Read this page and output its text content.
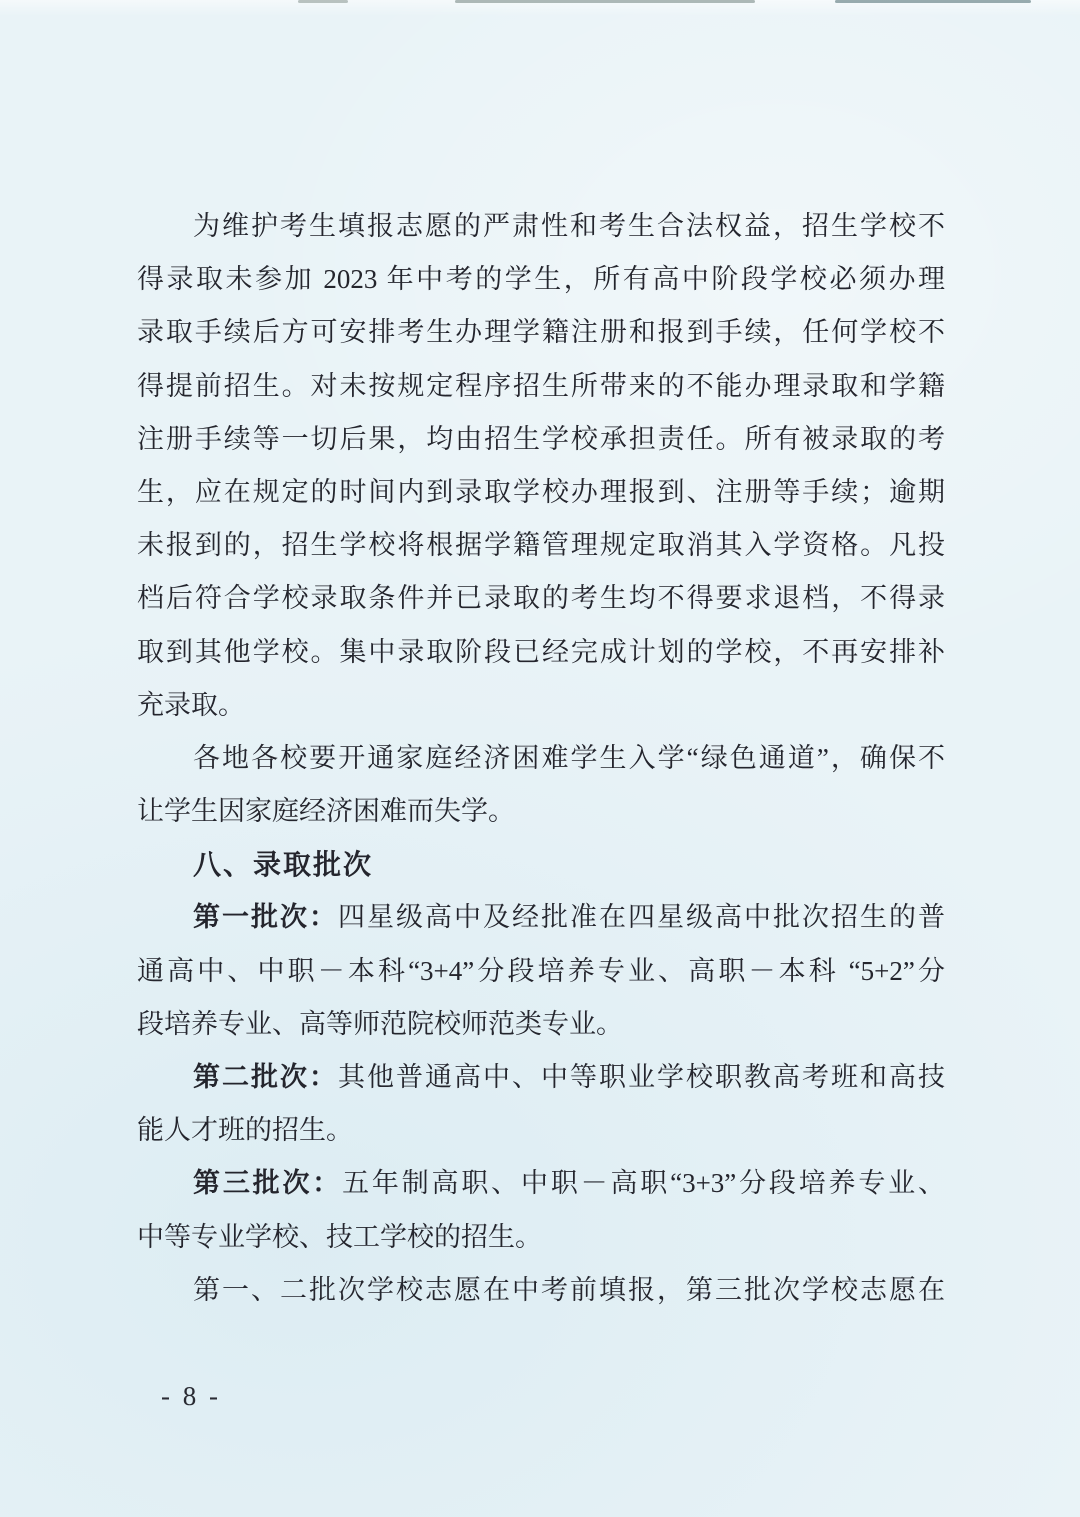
为维护考生填报志愿的严肃性和考生合法权益，招生学校不
得录取未参加 2023 年中考的学生，所有高中阶段学校必须办理
录取手续后方可安排考生办理学籍注册和报到手续，任何学校不
得提前招生。对未按规定程序招生所带来的不能办理录取和学籍
注册手续等一切后果，均由招生学校承担责任。所有被录取的考
生，应在规定的时间内到录取学校办理报到、注册等手续；逾期
未报到的，招生学校将根据学籍管理规定取消其入学资格。凡投
档后符合学校录取条件并已录取的考生均不得要求退档，不得录
取到其他学校。集中录取阶段已经完成计划的学校，不再安排补
充录取。
各地各校要开通家庭经济困难学生入学“绿色通道”，确保不
让学生因家庭经济困难而失学。
八、录取批次
第一批次：四星级高中及经批准在四星级高中批次招生的普
通高中、中职－本科“3+4”分段培养专业、高职－本科 “5+2”分
段培养专业、高等师范院校师范类专业。
第二批次：其他普通高中、中等职业学校职教高考班和高技
能人才班的招生。
第三批次：五年制高职、中职－高职“3+3”分段培养专业、
中等专业学校、技工学校的招生。
第一、二批次学校志愿在中考前填报，第三批次学校志愿在
- 8 -
